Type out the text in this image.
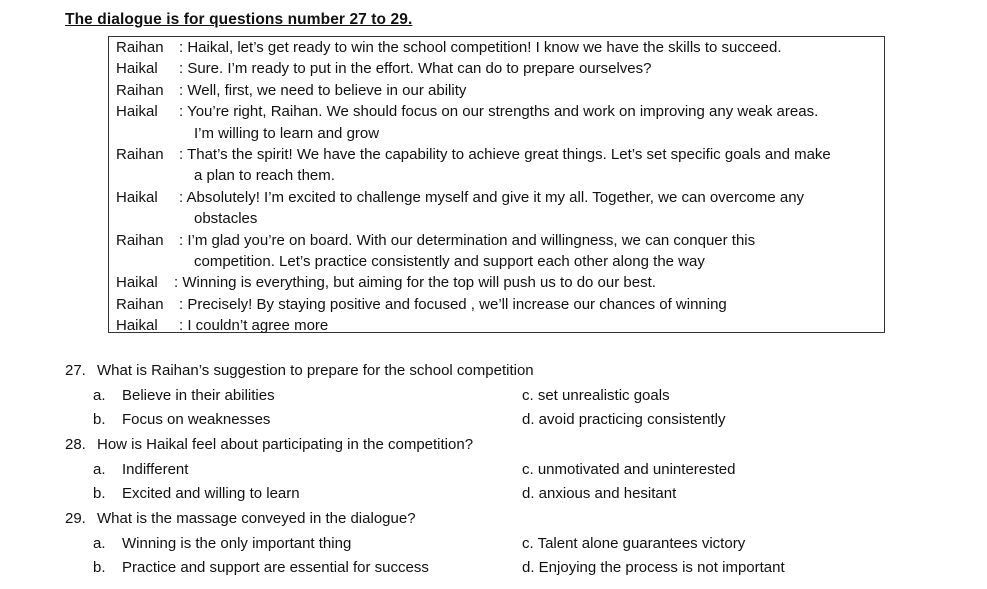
The dialogue is for questions number 27 to 29.
Raihan : Haikal, let’s get ready to win the school competition! I know we have the skills to succeed.
Haikal : Sure. I’m ready to put in the effort. What can do to prepare ourselves?
Raihan : Well, first, we need to believe in our ability
Haikal : You’re right, Raihan. We should focus on our strengths and work on improving any weak areas.
I’m willing to learn and grow
Raihan : That’s the spirit! We have the capability to achieve great things. Let’s set specific goals and make
a plan to reach them.
Haikal : Absolutely! I’m excited to challenge myself and give it my all. Together, we can overcome any
obstacles
Raihan : I’m glad you’re on board. With our determination and willingness, we can conquer this
competition. Let’s practice consistently and support each other along the way
Haikal : Winning is everything, but aiming for the top will push us to do our best.
Raihan : Precisely! By staying positive and focused , we’ll increase our chances of winning
Haikal : I couldn’t agree more
27. What is Raihan’s suggestion to prepare for the school competition
a. Believe in their abilities	c. set unrealistic goals
b. Focus on weaknesses	d. avoid practicing consistently
28. How is Haikal feel about participating in the competition?
a. Indifferent	c. unmotivated and uninterested
b. Excited and willing to learn	d. anxious and hesitant
29. What is the massage conveyed in the dialogue?
a. Winning is the only important thing	c. Talent alone guarantees victory
b. Practice and support are essential for success	d. Enjoying the process is not important
